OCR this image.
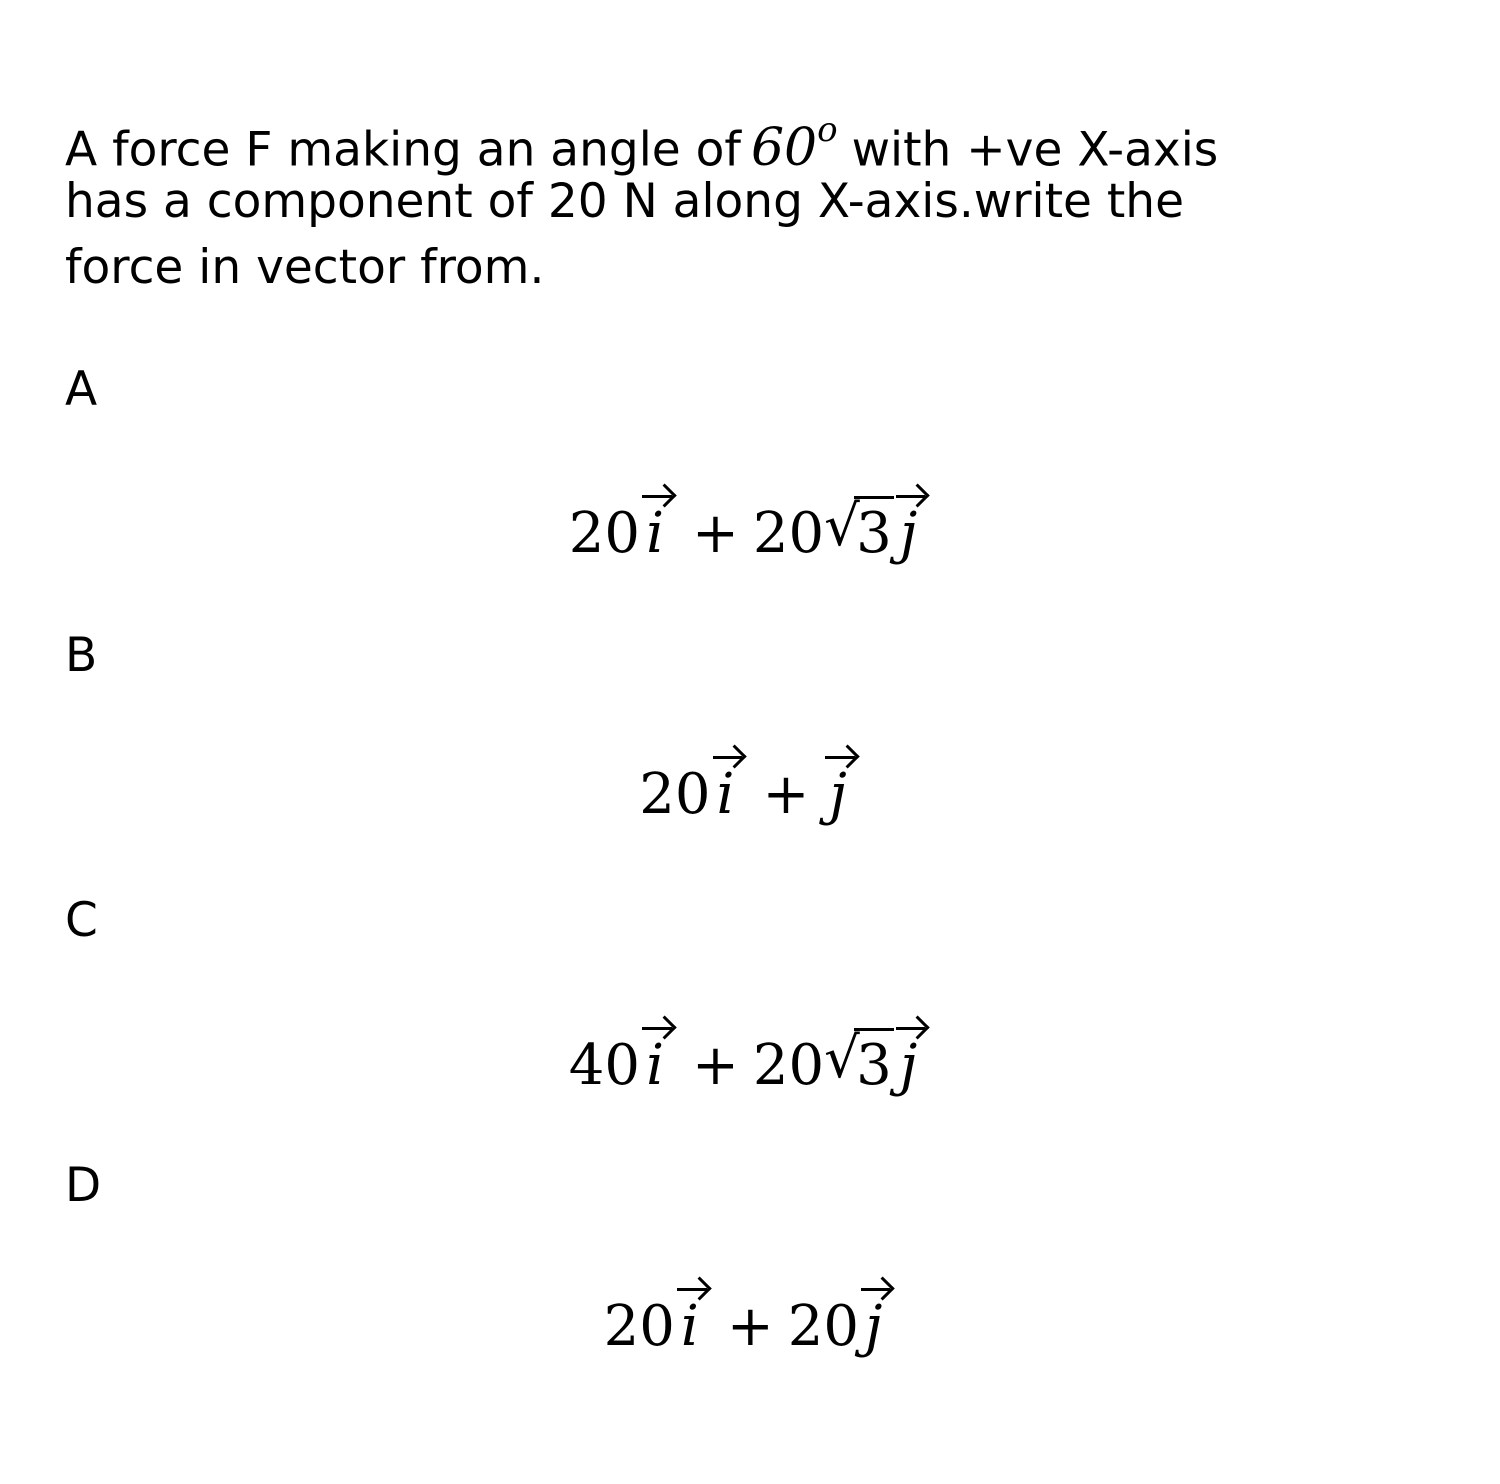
A force F making an angle of 60$^o$ with +ve X-axis
has a component of 20 N along X-axis.write the
force in vector from.
A
20 i + 20 √ 3 j
B
20 i + j
C
40 i + 20 √ 3 j
D
20 i + 20 j
